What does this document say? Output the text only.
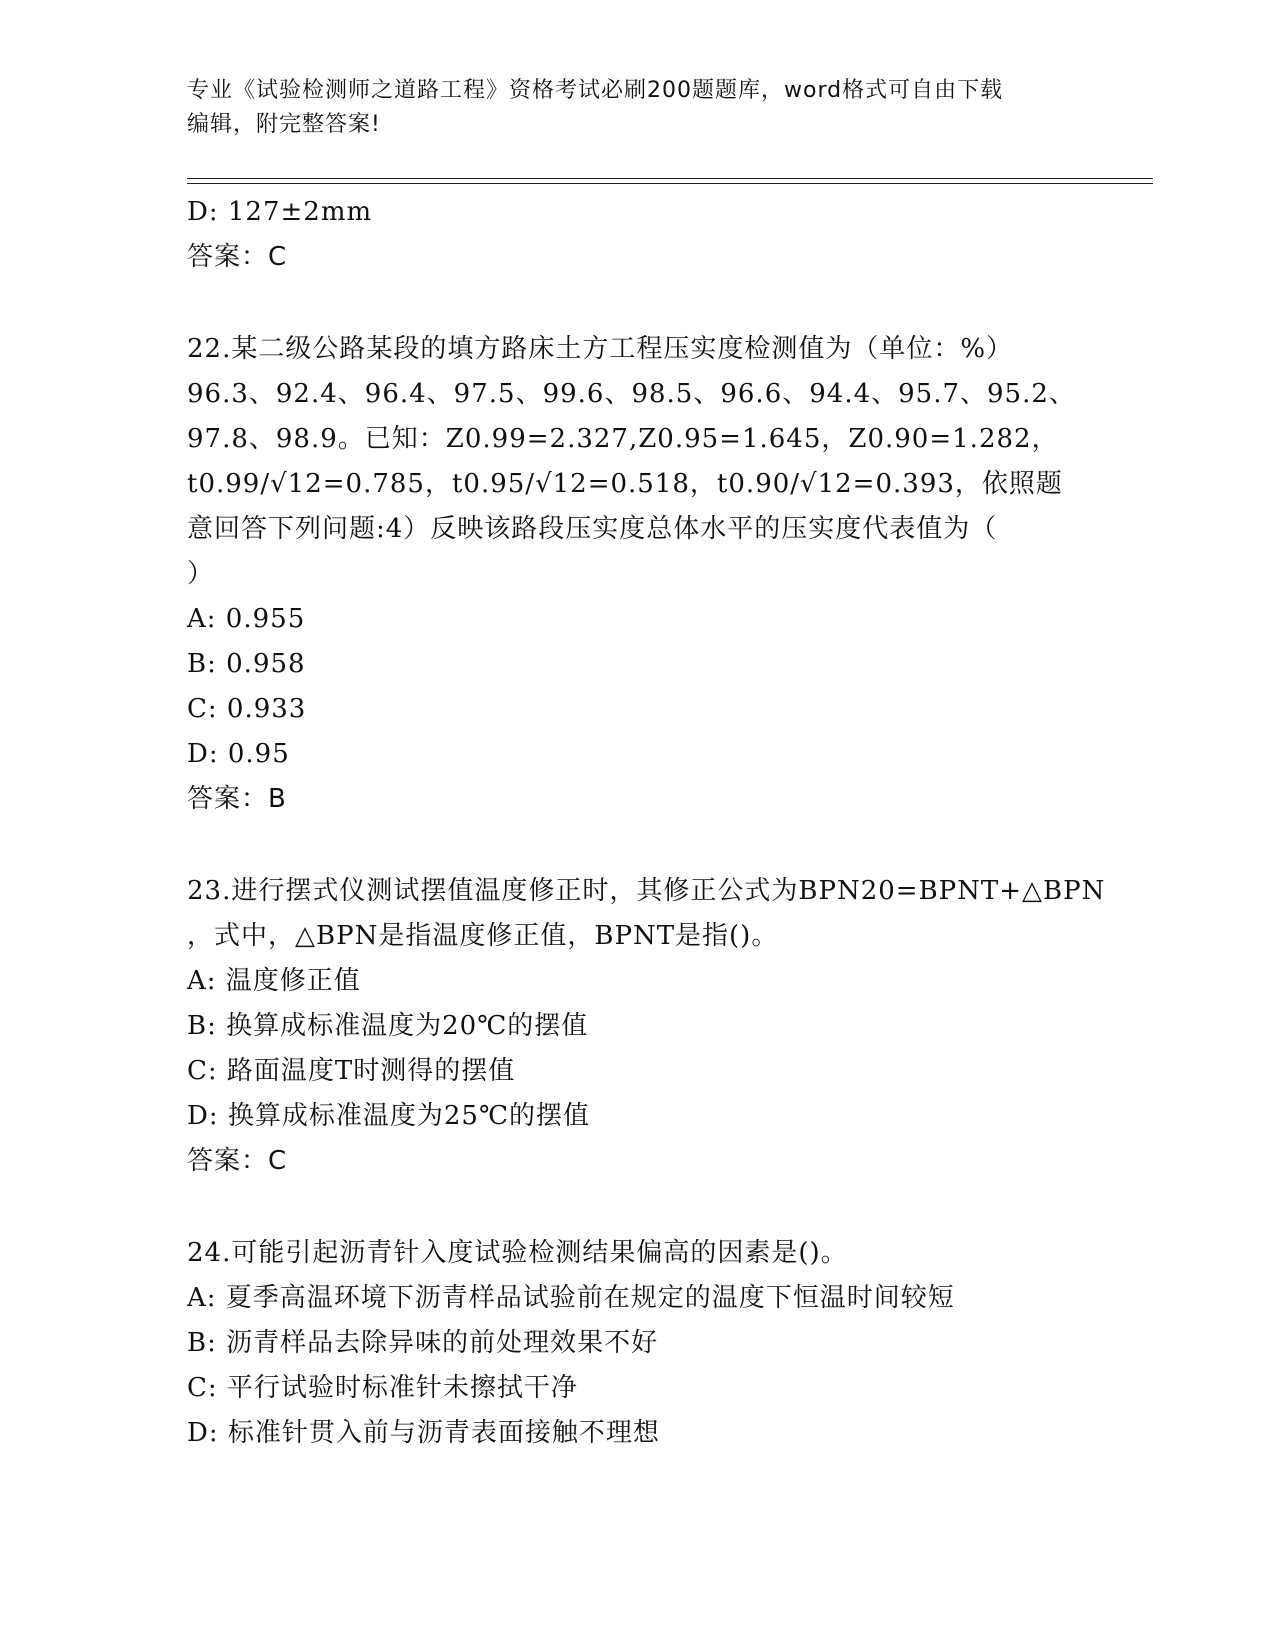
专业《试验检测师之道路工程》资格考试必刷200题题库，word格式可自由下载
编辑，附完整答案!
D: 127±2mm
答案：C
22.某二级公路某段的填方路床土方工程压实度检测值为（单位：%）
96.3、92.4、96.4、97.5、99.6、98.5、96.6、94.4、95.7、95.2、
97.8、98.9。已知：Z0.99=2.327,Z0.95=1.645，Z0.90=1.282，
t0.99/√12=0.785，t0.95/√12=0.518，t0.90/√12=0.393，依照题
意回答下列问题:4）反映该路段压实度总体水平的压实度代表值为（
）
A: 0.955
B: 0.958
C: 0.933
D: 0.95
答案：B
23.进行摆式仪测试摆值温度修正时，其修正公式为BPN20=BPNT+△BPN
，式中，△BPN是指温度修正值，BPNT是指()。
A: 温度修正值
B: 换算成标准温度为20℃的摆值
C: 路面温度T时测得的摆值
D: 换算成标准温度为25℃的摆值
答案：C
24.可能引起沥青针入度试验检测结果偏高的因素是()。
A: 夏季高温环境下沥青样品试验前在规定的温度下恒温时间较短
B: 沥青样品去除异味的前处理效果不好
C: 平行试验时标准针未擦拭干净
D: 标准针贯入前与沥青表面接触不理想
